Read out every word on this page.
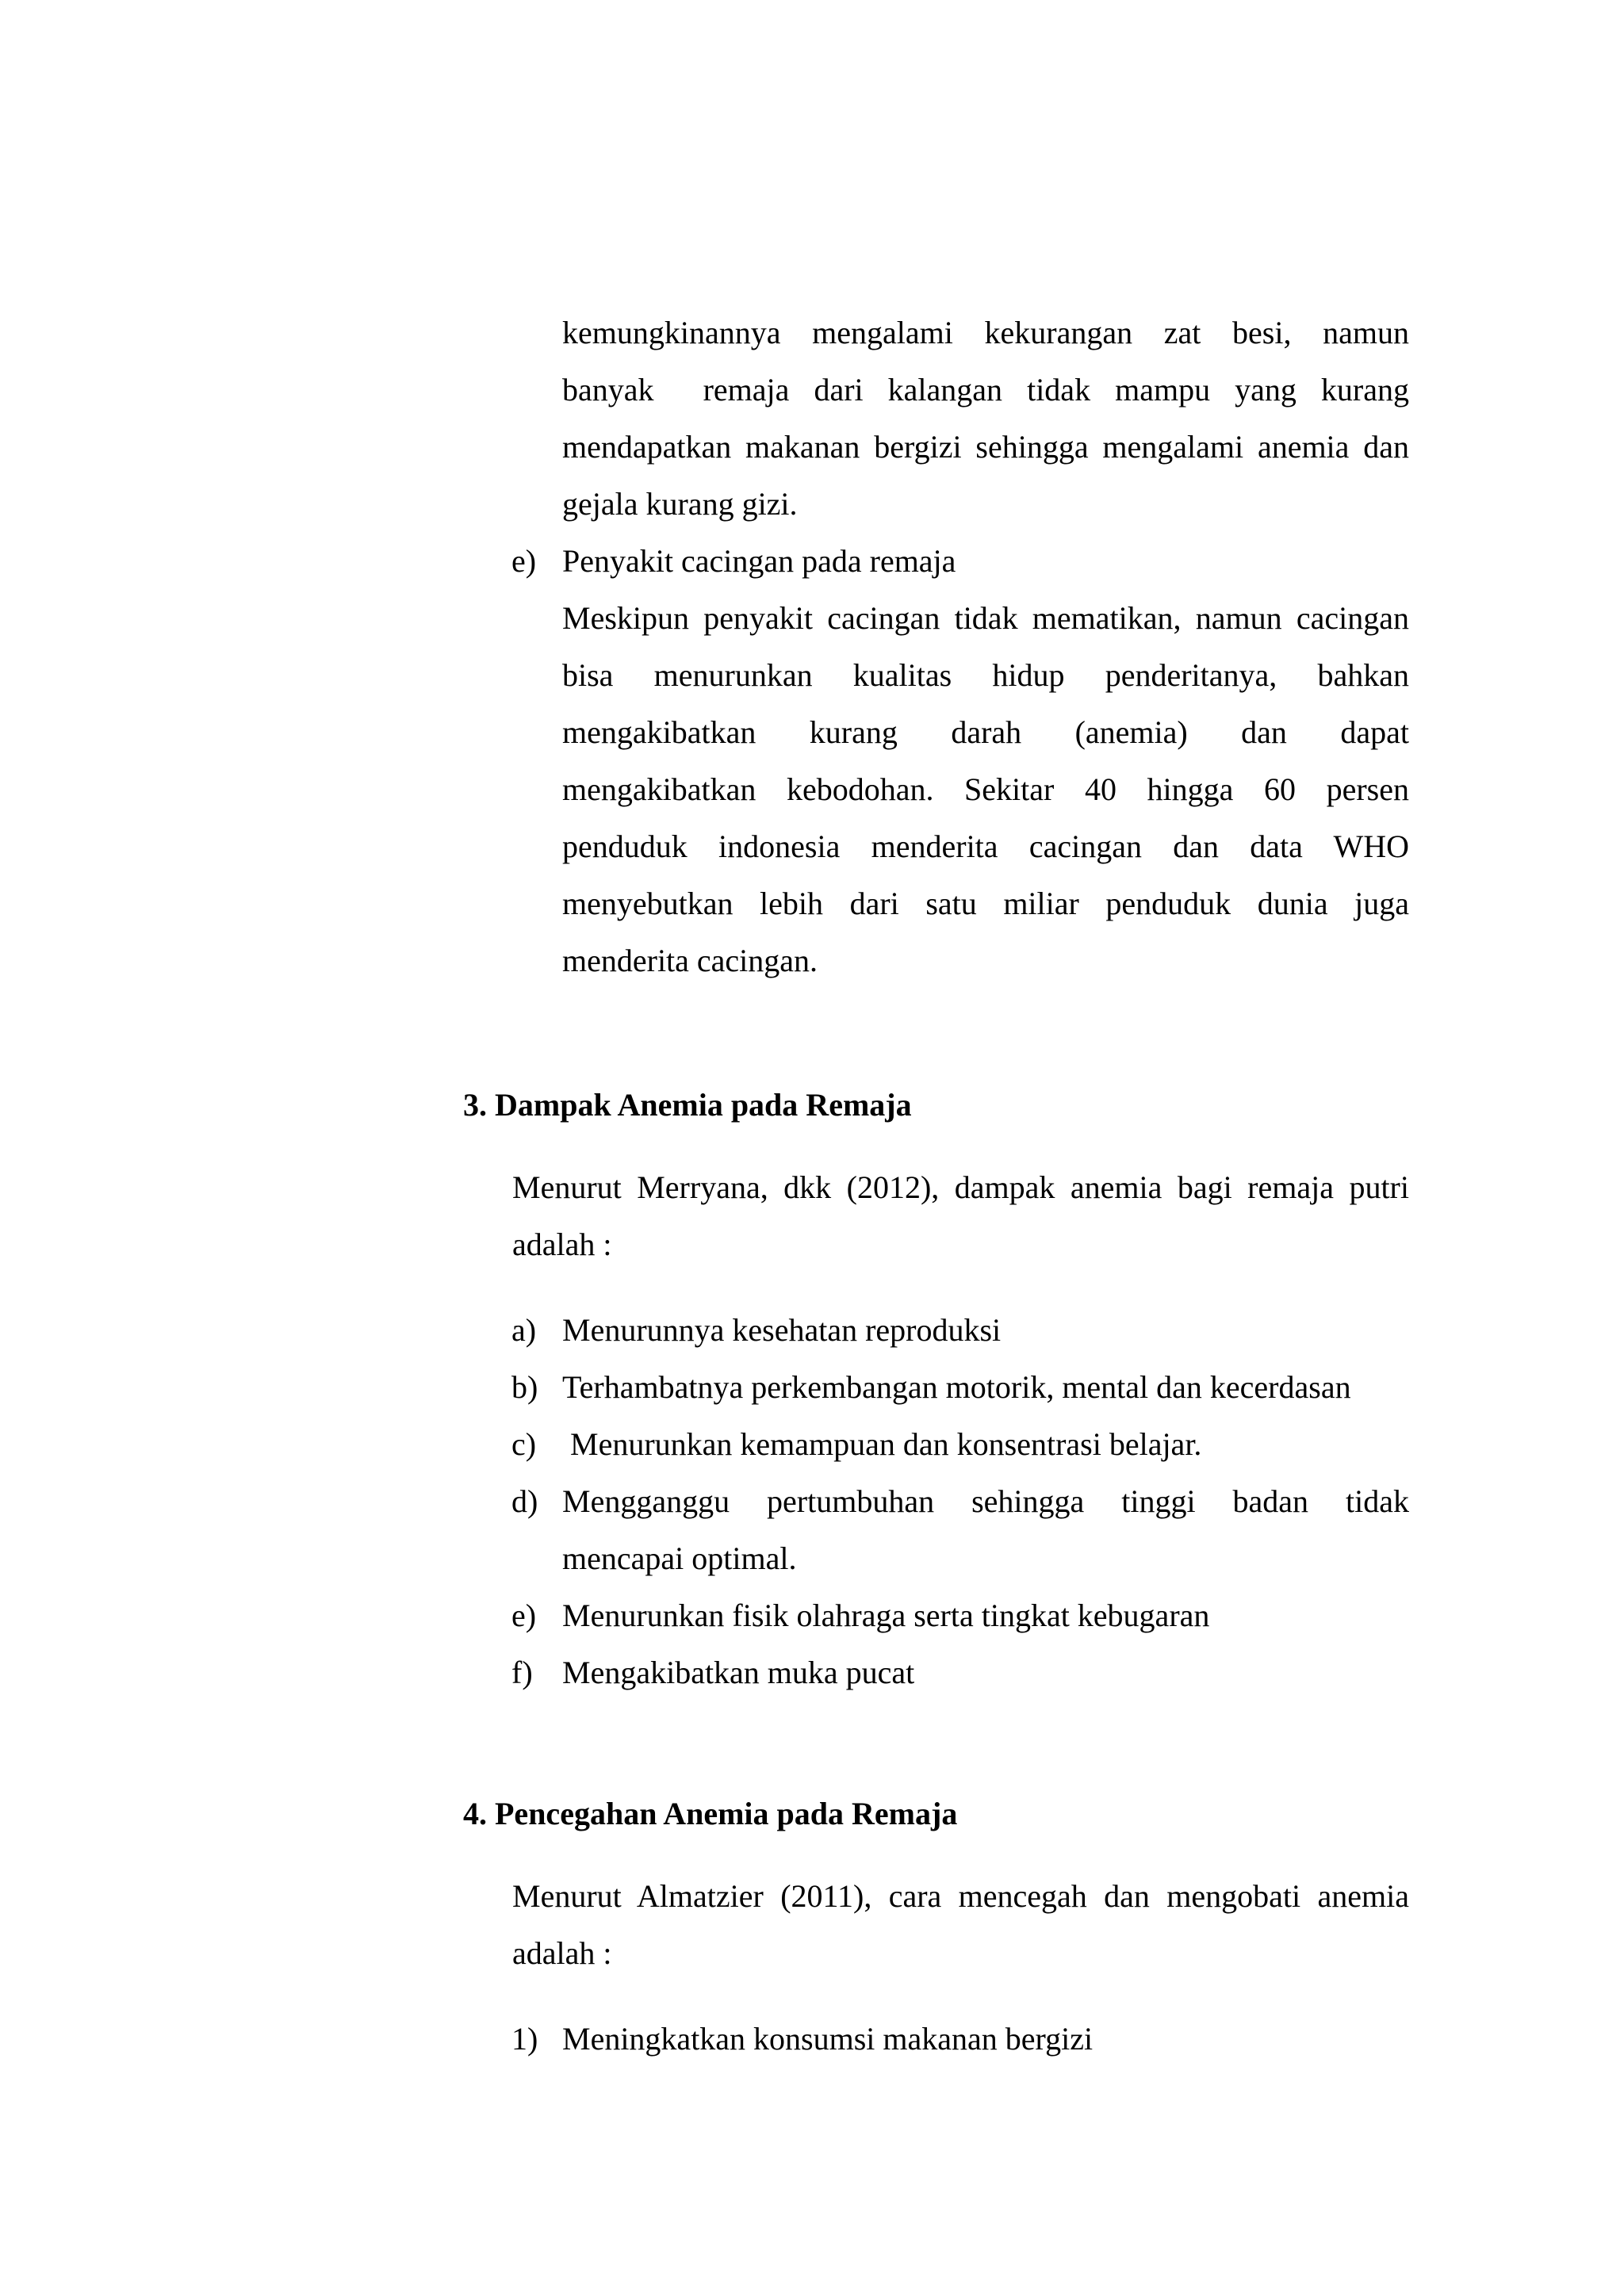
kemungkinannya mengalami kekurangan zat besi, namun
banyak  remaja dari kalangan tidak mampu yang kurang
mendapatkan makanan bergizi sehingga mengalami anemia dan
gejala kurang gizi.
e) Penyakit cacingan pada remaja
Meskipun penyakit cacingan tidak mematikan, namun cacingan
bisa menurunkan kualitas hidup penderitanya, bahkan
mengakibatkan kurang darah (anemia) dan dapat
mengakibatkan kebodohan. Sekitar 40 hingga 60 persen
penduduk indonesia menderita cacingan dan data WHO
menyebutkan lebih dari satu miliar penduduk dunia juga
menderita cacingan.
3. Dampak Anemia pada Remaja
Menurut Merryana, dkk (2012), dampak anemia bagi remaja putri
adalah :
a) Menurunnya kesehatan reproduksi
b) Terhambatnya perkembangan motorik, mental dan kecerdasan
c) Menurunkan kemampuan dan konsentrasi belajar.
d) Mengganggu pertumbuhan sehingga tinggi badan tidak
mencapai optimal.
e) Menurunkan fisik olahraga serta tingkat kebugaran
f) Mengakibatkan muka pucat
4. Pencegahan Anemia pada Remaja
Menurut Almatzier (2011), cara mencegah dan mengobati anemia
adalah :
1) Meningkatkan konsumsi makanan bergizi
